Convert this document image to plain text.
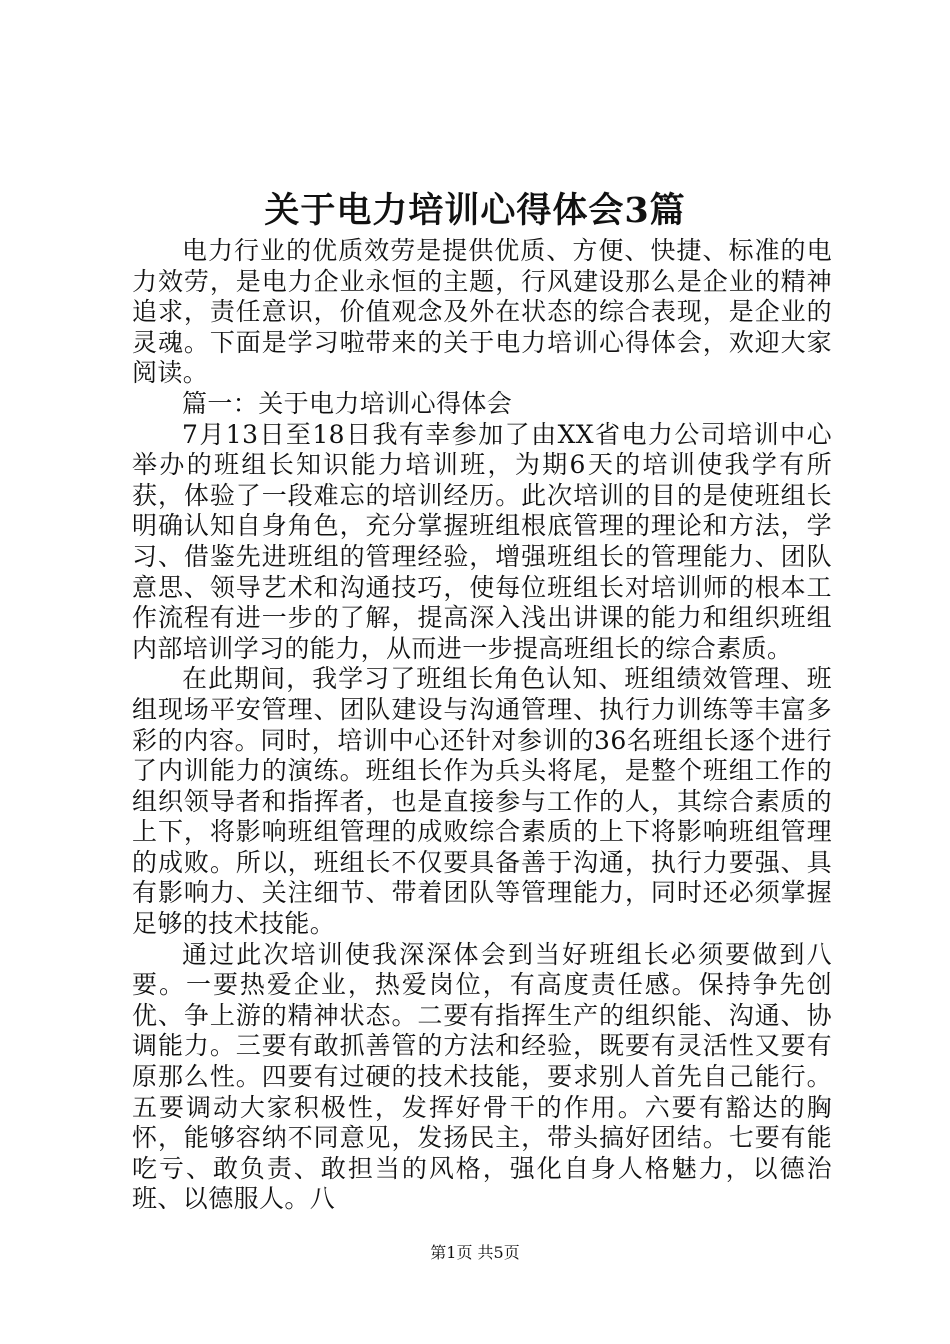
关于电力培训心得体会3篇

电力行业的优质效劳是提供优质、方便、快捷、标准的电力效劳，是电力企业永恒的主题，行风建设那么是企业的精神追求，责任意识，价值观念及外在状态的综合表现，是企业的灵魂。下面是学习啦带来的关于电力培训心得体会，欢迎大家阅读。

篇一：关于电力培训心得体会

7月13日至18日我有幸参加了由XX省电力公司培训中心举办的班组长知识能力培训班，为期6天的培训使我学有所获，体验了一段难忘的培训经历。此次培训的目的是使班组长明确认知自身角色，充分掌握班组根底管理的理论和方法，学习、借鉴先进班组的管理经验，增强班组长的管理能力、团队意思、领导艺术和沟通技巧，使每位班组长对培训师的根本工作流程有进一步的了解，提高深入浅出讲课的能力和组织班组内部培训学习的能力，从而进一步提高班组长的综合素质。

在此期间，我学习了班组长角色认知、班组绩效管理、班组现场平安管理、团队建设与沟通管理、执行力训练等丰富多彩的内容。同时，培训中心还针对参训的36名班组长逐个进行了内训能力的演练。班组长作为兵头将尾，是整个班组工作的组织领导者和指挥者，也是直接参与工作的人，其综合素质的上下，将影响班组管理的成败综合素质的上下将影响班组管理的成败。所以，班组长不仅要具备善于沟通，执行力要强、具有影响力、关注细节、带着团队等管理能力，同时还必须掌握足够的技术技能。

通过此次培训使我深深体会到当好班组长必须要做到八要。一要热爱企业，热爱岗位，有高度责任感。保持争先创优、争上游的精神状态。二要有指挥生产的组织能、沟通、协调能力。三要有敢抓善管的方法和经验，既要有灵活性又要有原那么性。四要有过硬的技术技能，要求别人首先自己能行。五要调动大家积极性，发挥好骨干的作用。六要有豁达的胸怀，能够容纳不同意见，发扬民主，带头搞好团结。七要有能吃亏、敢负责、敢担当的风格，强化自身人格魅力，以德治班、以德服人。八

第1页 共5页
